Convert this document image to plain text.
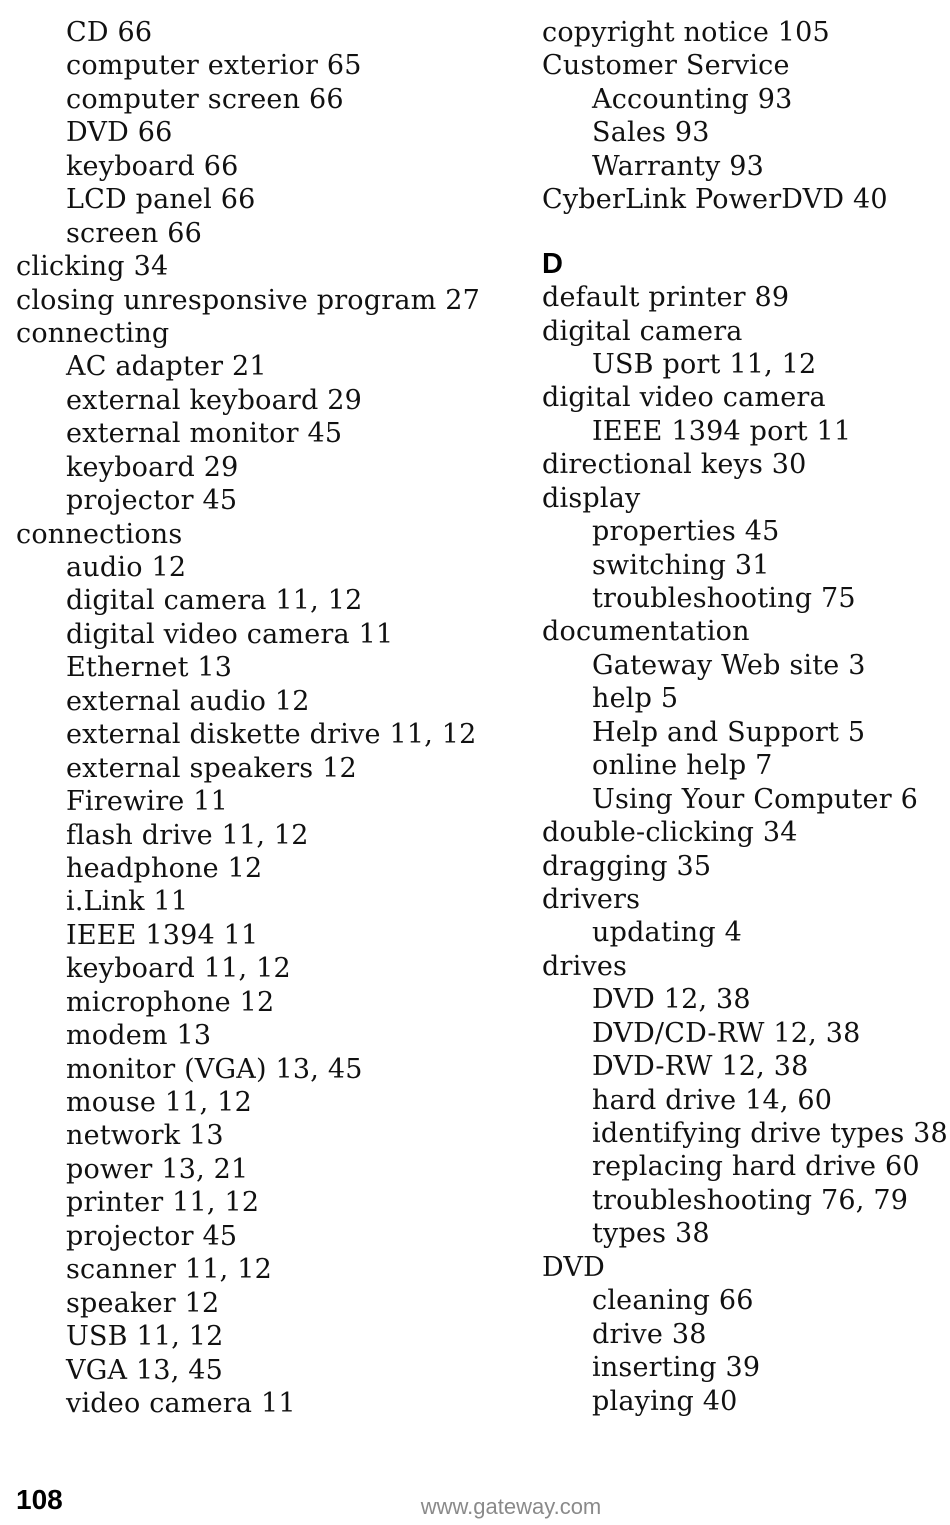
CD 66
computer exterior 65
computer screen 66
DVD 66
keyboard 66
LCD panel 66
screen 66
clicking 34
closing unresponsive program 27
connecting
AC adapter 21
external keyboard 29
external monitor 45
keyboard 29
projector 45
connections
audio 12
digital camera 11, 12
digital video camera 11
Ethernet 13
external audio 12
external diskette drive 11, 12
external speakers 12
Firewire 11
flash drive 11, 12
headphone 12
i.Link 11
IEEE 1394 11
keyboard 11, 12
microphone 12
modem 13
monitor (VGA) 13, 45
mouse 11, 12
network 13
power 13, 21
printer 11, 12
projector 45
scanner 11, 12
speaker 12
USB 11, 12
VGA 13, 45
video camera 11
copyright notice 105
Customer Service
Accounting 93
Sales 93
Warranty 93
CyberLink PowerDVD 40
D
default printer 89
digital camera
USB port 11, 12
digital video camera
IEEE 1394 port 11
directional keys 30
display
properties 45
switching 31
troubleshooting 75
documentation
Gateway Web site 3
help 5
Help and Support 5
online help 7
Using Your Computer 6
double-clicking 34
dragging 35
drivers
updating 4
drives
DVD 12, 38
DVD/CD-RW 12, 38
DVD-RW 12, 38
hard drive 14, 60
identifying drive types 38
replacing hard drive 60
troubleshooting 76, 79
types 38
DVD
cleaning 66
drive 38
inserting 39
playing 40
108	www.gateway.com
